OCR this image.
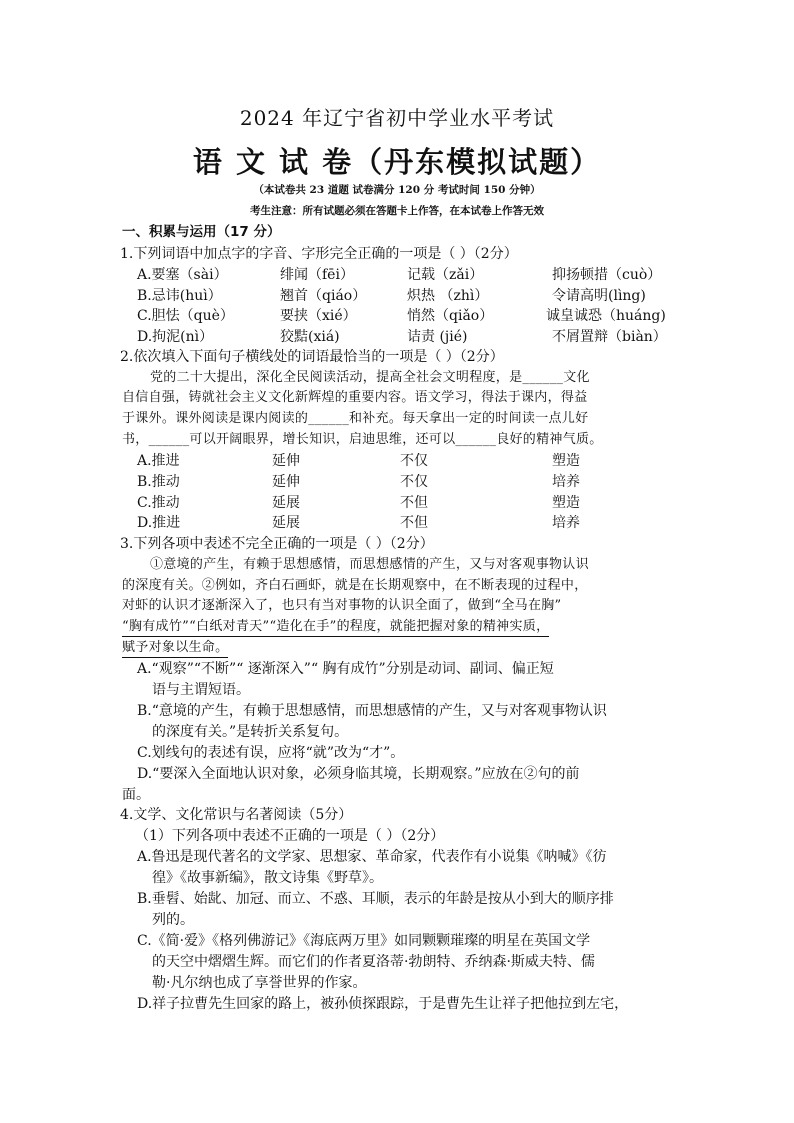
2024 年辽宁省初中学业水平考试
语 文 试 卷（丹东模拟试题）
（本试卷共 23 道题 试卷满分 120 分 考试时间 150 分钟）
考生注意：所有试题必须在答题卡上作答，在本试卷上作答无效
一、积累与运用（17 分）
1.下列词语中加点字的字音、字形完全正确的一项是（ ）（2分）
A.要塞（sài）	绯闻（fēi）	记载（zǎi）	抑扬顿措（cuò）
B.忌讳(huì）	翘首（qiáo）	炽热 （zhì）	令请高明(lìng)
C.胆怯（què）	要挟（xié）	悄然（qiǎo）	诚皇诚恐（huáng)
D.拘泥(nì）	狡黠(xiá)	诘责 (jié)	不屑置辩（biàn）
2.依次填入下面句子横线处的词语最恰当的一项是（ ）（2分）
党的二十大提出，深化全民阅读活动，提高全社会文明程度，是______文化
自信自强，铸就社会主义文化新辉煌的重要内容。语文学习，得法于课内，得益
于课外。课外阅读是课内阅读的______和补充。每天拿出一定的时间读一点儿好
书，______可以开阔眼界，增长知识，启迪思维，还可以______良好的精神气质。
A.推进	延伸	不仅	塑造
B.推动	延伸	不仅	培养
C.推动	延展	不但	塑造
D.推进	延展	不但	培养
3.下列各项中表述不完全正确的一项是（ ）（2分）
①意境的产生，有赖于思想感情，而思想感情的产生，又与对客观事物认识
的深度有关。②例如，齐白石画虾，就是在长期观察中，在不断表现的过程中，
对虾的认识才逐渐深入了，也只有当对事物的认识全面了，做到“全马在胸”
“胸有成竹”“白纸对青天”“造化在手”的程度，就能把握对象的精神实质，
赋予对象以生命。
A.“观察”“不断”“ 逐渐深入”“ 胸有成竹”分别是动词、副词、偏正短
语与主谓短语。
B.“意境的产生，有赖于思想感情，而思想感情的产生，又与对客观事物认识
的深度有关。”是转折关系复句。
C.划线句的表述有误，应将“就”改为“才”。
D.“要深入全面地认识对象，必须身临其境，长期观察。”应放在②句的前
面。
4.文学、文化常识与名著阅读（5分）
（1）下列各项中表述不正确的一项是（ ）（2分）
A.鲁迅是现代著名的文学家、思想家、革命家，代表作有小说集《呐喊》《彷
徨》《故事新编》，散文诗集《野草》。
B.垂髫、始龀、加冠、而立、不惑、耳顺，表示的年龄是按从小到大的顺序排
列的。
C.《简·爱》《格列佛游记》《海底两万里》如同颗颗璀璨的明星在英国文学
的天空中熠熠生辉。而它们的作者夏洛蒂·勃朗特、乔纳森·斯威夫特、儒
勒·凡尔纳也成了享誉世界的作家。
D.祥子拉曹先生回家的路上，被孙侦探跟踪，于是曹先生让祥子把他拉到左宅，
